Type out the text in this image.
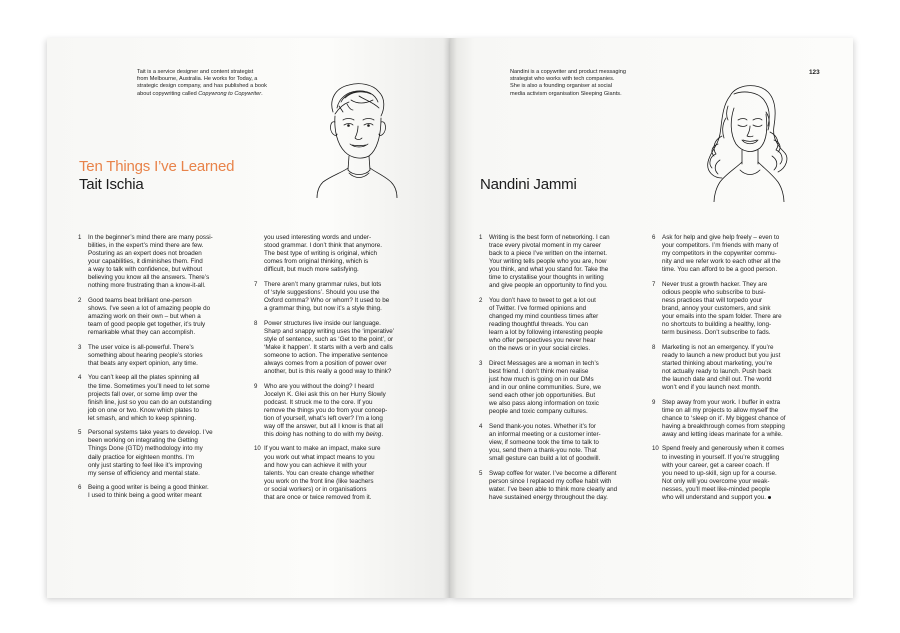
Tait is a service designer and content strategist
from Melbourne, Australia. He works for Today, a
strategic design company, and has published a book
about copywriting called Copywrong to Copywriter.
Ten Things I’ve Learned
Tait Ischia
1 In the beginner’s mind there are many possi-
bilities, in the expert’s mind there are few.
Posturing as an expert does not broaden
your capabilities, it diminishes them. Find
a way to talk with confidence, but without
believing you know all the answers. There’s
nothing more frustrating than a know-it-all.
2 Good teams beat brilliant one-person
shows. I’ve seen a lot of amazing people do
amazing work on their own – but when a
team of good people get together, it’s truly
remarkable what they can accomplish.
3 The user voice is all-powerful. There’s
something about hearing people’s stories
that beats any expert opinion, any time.
4 You can’t keep all the plates spinning all
the time. Sometimes you’ll need to let some
projects fall over, or some limp over the
finish line, just so you can do an outstanding
job on one or two. Know which plates to
let smash, and which to keep spinning.
5 Personal systems take years to develop. I’ve
been working on integrating the Getting
Things Done (GTD) methodology into my
daily practice for eighteen months. I’m
only just starting to feel like it’s improving
my sense of efficiency and mental state.
6 Being a good writer is being a good thinker.
I used to think being a good writer meant
you used interesting words and under-
stood grammar. I don’t think that anymore.
The best type of writing is original, which
comes from original thinking, which is
difficult, but much more satisfying.
7 There aren’t many grammar rules, but lots
of ‘style suggestions’. Should you use the
Oxford comma? Who or whom? It used to be
a grammar thing, but now it’s a style thing.
8 Power structures live inside our language.
Sharp and snappy writing uses the ‘imperative’
style of sentence, such as ‘Get to the point’, or
‘Make it happen’. It starts with a verb and calls
someone to action. The imperative sentence
always comes from a position of power over
another, but is this really a good way to think?
9 Who are you without the doing? I heard
Jocelyn K. Glei ask this on her Hurry Slowly
podcast. It struck me to the core. If you
remove the things you do from your concep-
tion of yourself, what’s left over? I’m a long
way off the answer, but all I know is that all
this doing has nothing to do with my being.
10 If you want to make an impact, make sure
you work out what impact means to you
and how you can achieve it with your
talents. You can create change whether
you work on the front line (like teachers
or social workers) or in organisations
that are once or twice removed from it.
Nandini is a copywriter and product messaging
strategist who works with tech companies.
She is also a founding organiser at social
media activism organisation Sleeping Giants.
123
Nandini Jammi
1 Writing is the best form of networking. I can
trace every pivotal moment in my career
back to a piece I’ve written on the internet.
Your writing tells people who you are, how
you think, and what you stand for. Take the
time to crystallise your thoughts in writing
and give people an opportunity to find you.
2 You don’t have to tweet to get a lot out
of Twitter. I’ve formed opinions and
changed my mind countless times after
reading thoughtful threads. You can
learn a lot by following interesting people
who offer perspectives you never hear
on the news or in your social circles.
3 Direct Messages are a woman in tech’s
best friend. I don’t think men realise
just how much is going on in our DMs
and in our online communities. Sure, we
send each other job opportunities. But
we also pass along information on toxic
people and toxic company cultures.
4 Send thank-you notes. Whether it’s for
an informal meeting or a customer inter-
view, if someone took the time to talk to
you, send them a thank-you note. That
small gesture can build a lot of goodwill.
5 Swap coffee for water. I’ve become a different
person since I replaced my coffee habit with
water. I’ve been able to think more clearly and
have sustained energy throughout the day.
6 Ask for help and give help freely – even to
your competitors. I’m friends with many of
my competitors in the copywriter commu-
nity and we refer work to each other all the
time. You can afford to be a good person.
7 Never trust a growth hacker. They are
odious people who subscribe to busi-
ness practices that will torpedo your
brand, annoy your customers, and sink
your emails into the spam folder. There are
no shortcuts to building a healthy, long-
term business. Don’t subscribe to fads.
8 Marketing is not an emergency. If you’re
ready to launch a new product but you just
started thinking about marketing, you’re
not actually ready to launch. Push back
the launch date and chill out. The world
won’t end if you launch next month.
9 Step away from your work. I buffer in extra
time on all my projects to allow myself the
chance to ‘sleep on it’. My biggest chance of
having a breakthrough comes from stepping
away and letting ideas marinate for a while.
10 Spend freely and generously when it comes
to investing in yourself. If you’re struggling
with your career, get a career coach. If
you need to up-skill, sign up for a course.
Not only will you overcome your weak-
nesses, you’ll meet like-minded people
who will understand and support you.
